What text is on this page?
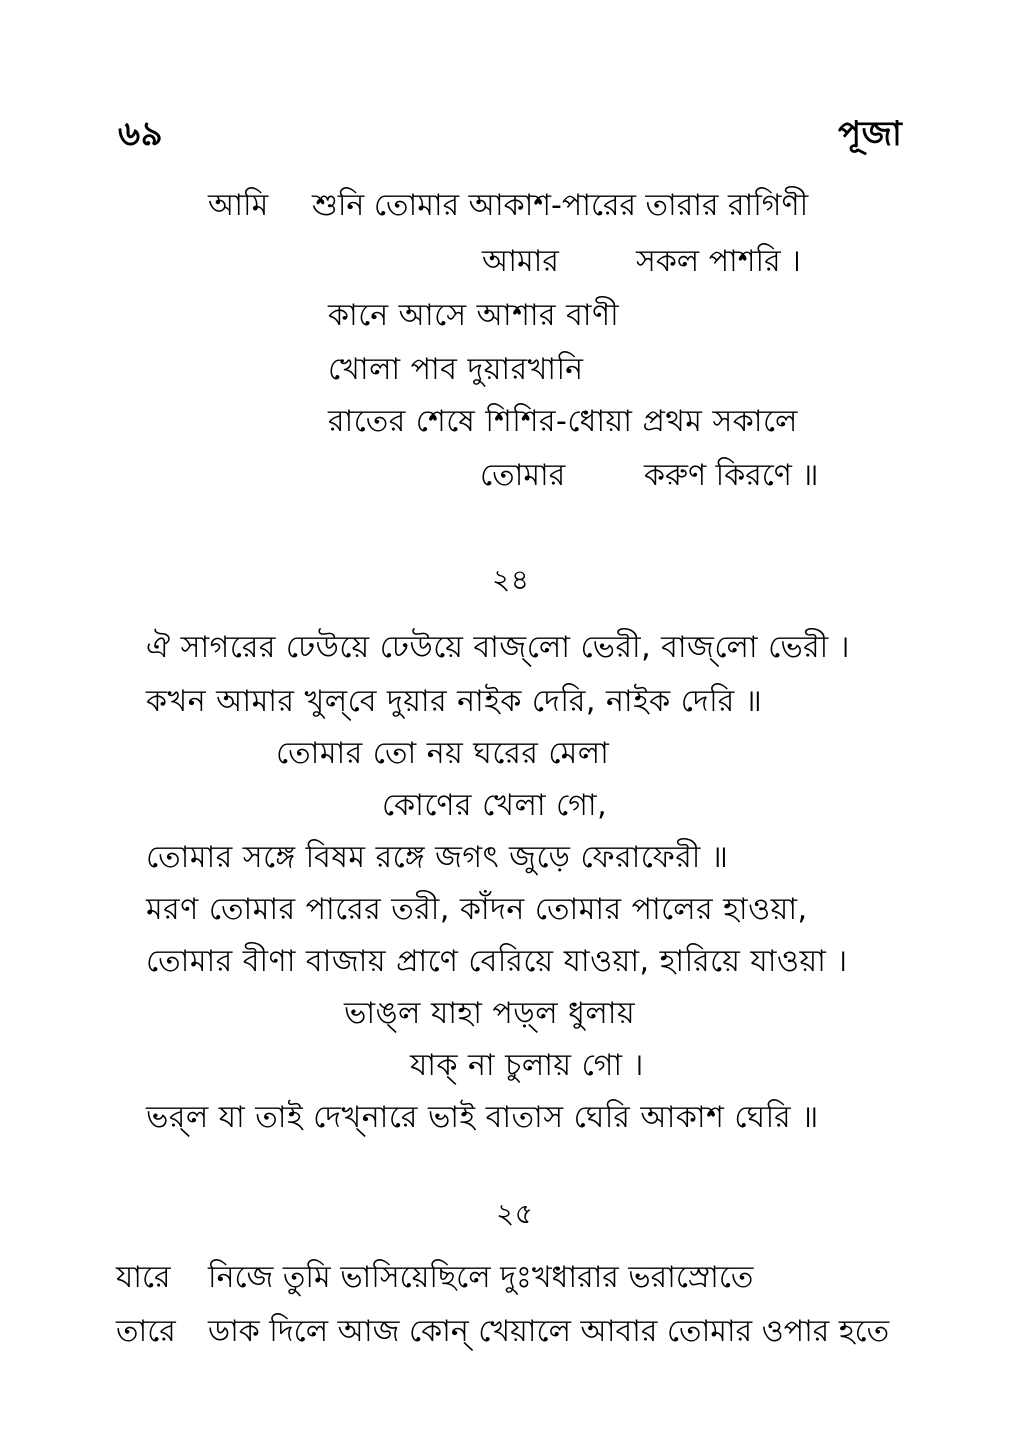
৬৯	পূজা
আমি শুনি তোমার আকাশ-পারের তারার রাগিণী
আমার	সকল পাশরি ।
কানে আসে আশার বাণী
খোলা পাব দুয়ারখানি
রাতের শেষে শিশির-ধোয়া প্রথম সকালে
তোমার	করুণ কিরণে ॥
২৪
ঐ সাগরের ঢেউয়ে ঢেউয়ে বাজ্‌লো ভেরী, বাজ্‌লো ভেরী ।
কখন আমার খুল্‌বে দুয়ার নাইক দেরি, নাইক দেরি ॥
তোমার তো নয় ঘরের মেলা
কোণের খেলা গো,
তোমার সঙ্গে বিষম রঙ্গে জগৎ জুড়ে ফেরাফেরী ॥
মরণ তোমার পারের তরী, কাঁদন তোমার পালের হাওয়া,
তোমার বীণা বাজায় প্রাণে বেরিয়ে যাওয়া, হারিয়ে যাওয়া ।
ভাঙ্‌ল যাহা পড়্‌ল ধুলায়
যাক্‌ না চুলায় গো ।
ভর্‌ল যা তাই দেখ্‌নারে ভাই বাতাস ঘেরি আকাশ ঘেরি ॥
২৫
যারে নিজে তুমি ভাসিয়েছিলে দুঃখধারার ভরাস্রোতে
তারে ডাক দিলে আজ কোন্‌ খেয়ালে আবার তোমার ওপার হতে
